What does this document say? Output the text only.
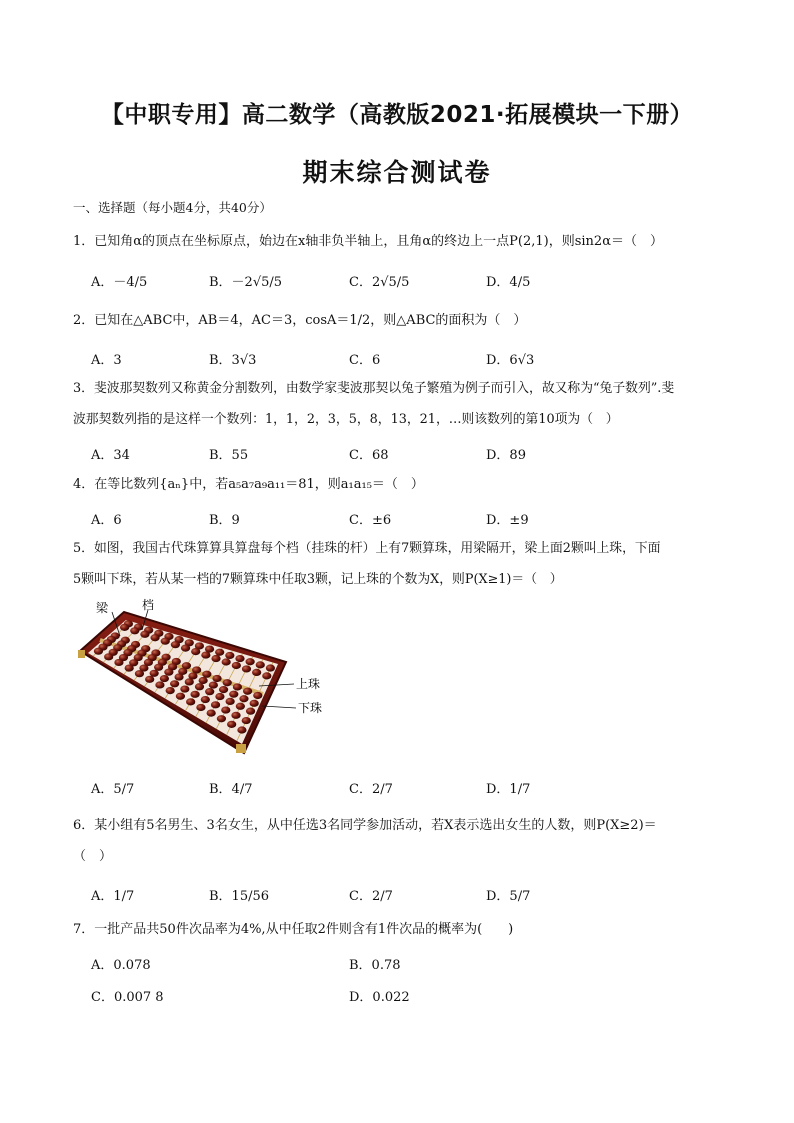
【中职专用】高二数学（高教版2021·拓展模块一下册）
期末综合测试卷
一、选择题（每小题4分，共40分）
1．已知角α的顶点在坐标原点，始边在x轴非负半轴上，且角α的终边上一点P(2,1)，则sin2α＝（　）
A．－4/5	B．－2√5/5	C．2√5/5	D．4/5
2．已知在△ABC中，AB＝4，AC＝3，cosA＝1/2，则△ABC的面积为（　）
A．3	B．3√3	C．6	D．6√3
3．斐波那契数列又称黄金分割数列，由数学家斐波那契以兔子繁殖为例子而引入，故又称为“兔子数列”.斐
波那契数列指的是这样一个数列：1，1，2，3，5，8，13，21，…则该数列的第10项为（　）
A．34	B．55	C．68	D．89
4．在等比数列{aₙ}中，若a₅a₇a₉a₁₁＝81，则a₁a₁₅＝（　）
A．6	B．9	C．±6	D．±9
5．如图，我国古代珠算算具算盘每个档（挂珠的杆）上有7颗算珠，用梁隔开，梁上面2颗叫上珠，下面
5颗叫下珠，若从某一档的7颗算珠中任取3颗，记上珠的个数为X，则P(X≥1)＝（　）
梁	档
上珠
下珠
A．5/7	B．4/7	C．2/7	D．1/7
6．某小组有5名男生、3名女生，从中任选3名同学参加活动，若X表示选出女生的人数，则P(X≥2)＝
（　）
A．1/7	B．15/56	C．2/7	D．5/7
7．一批产品共50件次品率为4%,从中任取2件则含有1件次品的概率为(　　)
A．0.078	B．0.78
C．0.007 8	D．0.022
